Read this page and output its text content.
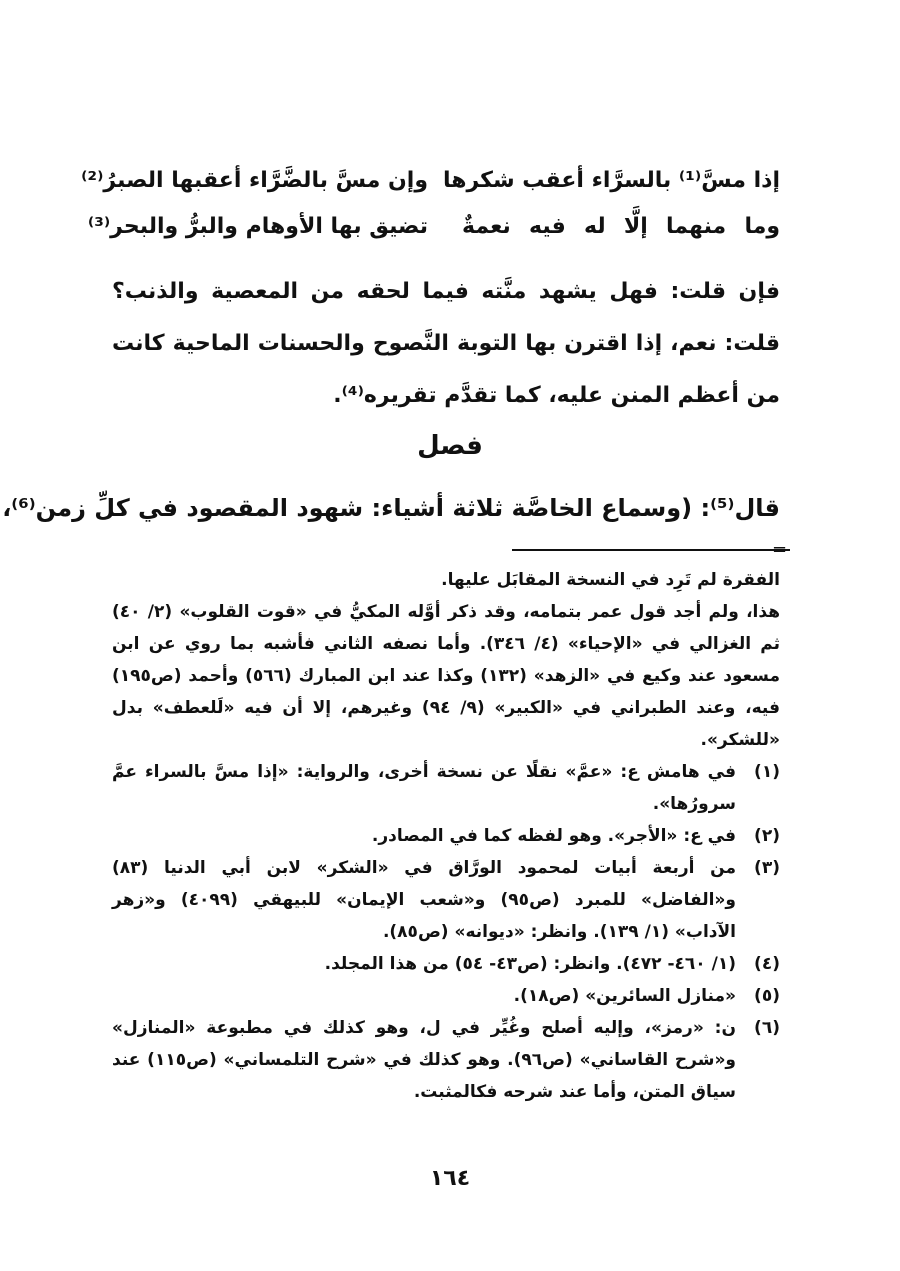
إذا مسَّ⁽¹⁾ بالسرَّاء أعقب شكرها
وإن مسَّ بالضَّرَّاء أعقبها الصبرُ⁽²⁾
وما منهما إلَّا له فيه نعمةٌ
تضيق بها الأوهام والبرُّ والبحر⁽³⁾
فإن قلت: فهل يشهد منَّته فيما لحقه من المعصية والذنب؟ قلت: نعم، إذا اقترن بها التوبة النَّصوح والحسنات الماحية كانت من أعظم المنن عليه، كما تقدَّم تقريره⁽⁴⁾.
فصل
قال⁽⁵⁾: (وسماع الخاصَّة ثلاثة أشياء: شهود المقصود في كلِّ زمن⁽⁶⁾،
=
الفقرة لم تَرِد في النسخة المقابَل عليها.
هذا، ولم أجد قول عمر بتمامه، وقد ذكر أوَّله المكيُّ في «قوت القلوب» (٢/ ٤٠) ثم الغزالي في «الإحياء» (٤/ ٣٤٦). وأما نصفه الثاني فأشبه بما روي عن ابن مسعود عند وكيع في «الزهد» (١٣٢) وكذا عند ابن المبارك (٥٦٦) وأحمد (ص١٩٥) فيه، وعند الطبراني في «الكبير» (٩/ ٩٤) وغيرهم، إلا أن فيه «لَلعطف» بدل «للشكر».
(١)
في هامش ع: «عمَّ» نقلًا عن نسخة أخرى، والرواية: «إذا مسَّ بالسراء عمَّ سرورُها».
(٢)
في ع: «الأجر». وهو لفظه كما في المصادر.
(٣)
من أربعة أبيات لمحمود الورَّاق في «الشكر» لابن أبي الدنيا (٨٣) و«الفاضل» للمبرد (ص٩٥) و«شعب الإيمان» للبيهقي (٤٠٩٩) و«زهر الآداب» (١/ ١٣٩). وانظر: «ديوانه» (ص٨٥).
(٤)
(١/ ٤٦٠- ٤٧٢). وانظر: (ص٤٣- ٥٤) من هذا المجلد.
(٥)
«منازل السائرين» (ص١٨).
(٦)
ن: «رمز»، وإليه أصلح وغُيِّر في ل، وهو كذلك في مطبوعة «المنازل» و«شرح القاساني» (ص٩٦). وهو كذلك في «شرح التلمساني» (ص١١٥) عند سياق المتن، وأما عند شرحه فكالمثبت.
١٦٤
